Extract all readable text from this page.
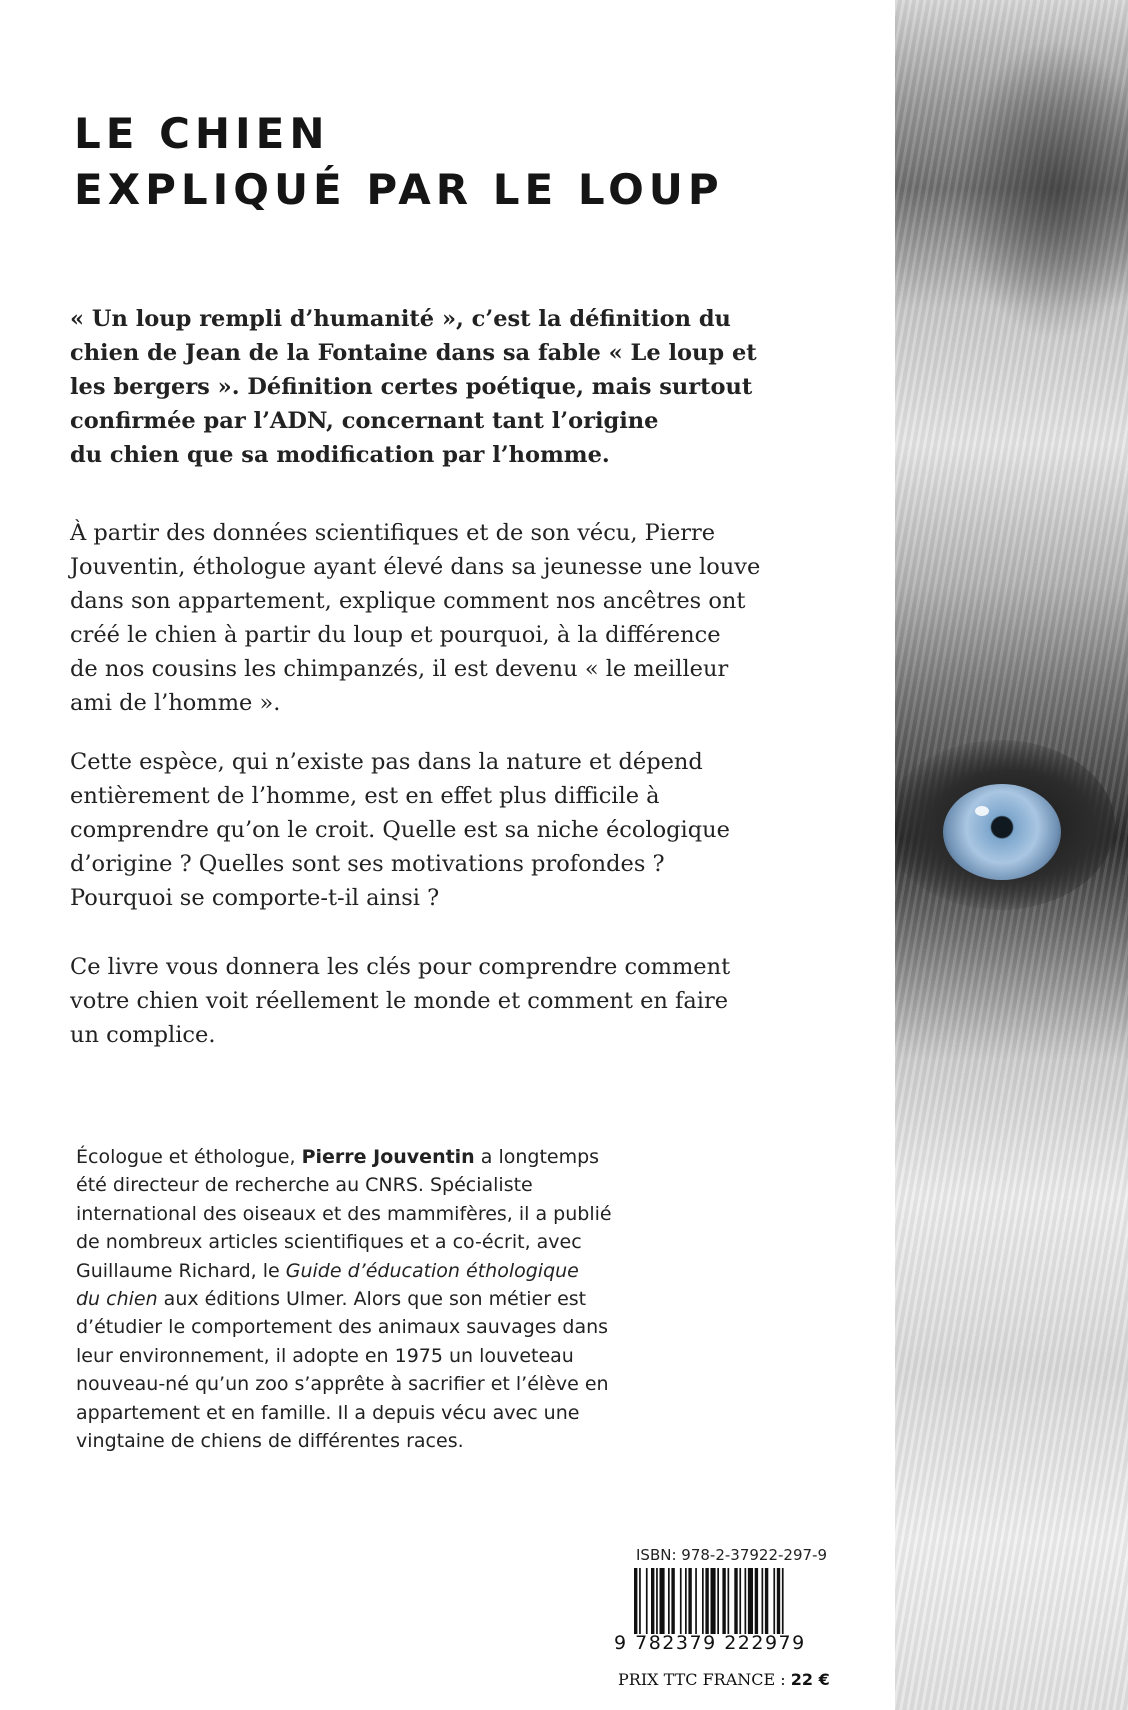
LE CHIEN
EXPLIQUÉ PAR LE LOUP

« Un loup rempli d’humanité », c’est la définition du
chien de Jean de la Fontaine dans sa fable « Le loup et
les bergers ». Définition certes poétique, mais surtout
confirmée par l’ADN, concernant tant l’origine
du chien que sa modification par l’homme.

À partir des données scientifiques et de son vécu, Pierre
Jouventin, éthologue ayant élevé dans sa jeunesse une louve
dans son appartement, explique comment nos ancêtres ont
créé le chien à partir du loup et pourquoi, à la différence
de nos cousins les chimpanzés, il est devenu « le meilleur
ami de l’homme ».

Cette espèce, qui n’existe pas dans la nature et dépend
entièrement de l’homme, est en effet plus difficile à
comprendre qu’on le croit. Quelle est sa niche écologique
d’origine ? Quelles sont ses motivations profondes ?
Pourquoi se comporte-t-il ainsi ?

Ce livre vous donnera les clés pour comprendre comment
votre chien voit réellement le monde et comment en faire
un complice.

Écologue et éthologue, Pierre Jouventin a longtemps
été directeur de recherche au CNRS. Spécialiste
international des oiseaux et des mammifères, il a publié
de nombreux articles scientifiques et a co-écrit, avec
Guillaume Richard, le Guide d’éducation éthologique
du chien aux éditions Ulmer. Alors que son métier est
d’étudier le comportement des animaux sauvages dans
leur environnement, il adopte en 1975 un louveteau
nouveau-né qu’un zoo s’apprête à sacrifier et l’élève en
appartement et en famille. Il a depuis vécu avec une
vingtaine de chiens de différentes races.

ISBN: 978-2-37922-297-9
9 782379 222979
PRIX TTC FRANCE : 22 €
